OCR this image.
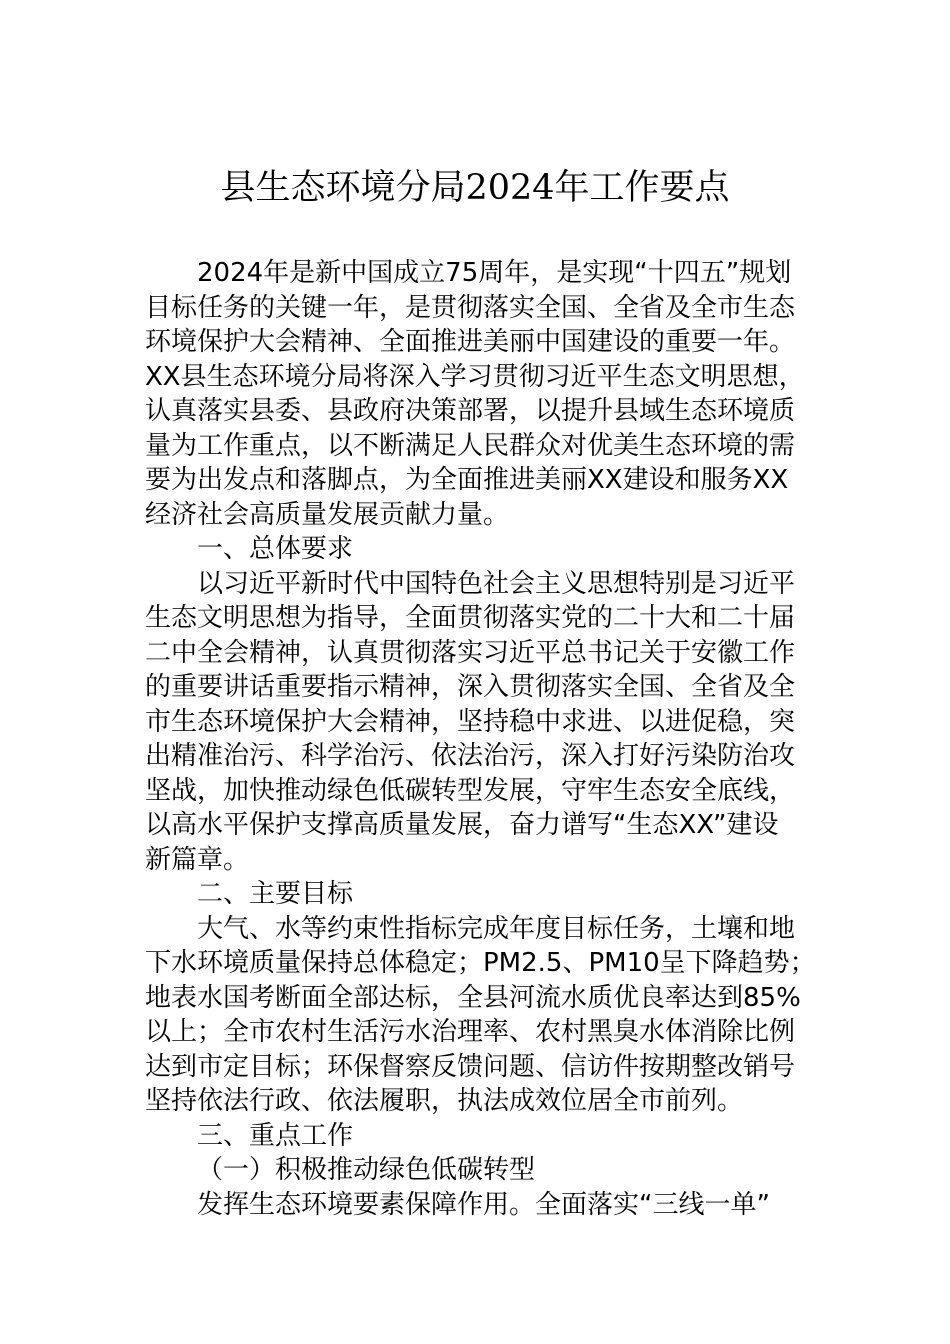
县生态环境分局2024年工作要点
2024年是新中国成立75周年，是实现“十四五”规划
目标任务的关键一年，是贯彻落实全国、全省及全市生态
环境保护大会精神、全面推进美丽中国建设的重要一年。
XX县生态环境分局将深入学习贯彻习近平生态文明思想，
认真落实县委、县政府决策部署，以提升县域生态环境质
量为工作重点，以不断满足人民群众对优美生态环境的需
要为出发点和落脚点，为全面推进美丽XX建设和服务XX
经济社会高质量发展贡献力量。
一、总体要求
以习近平新时代中国特色社会主义思想特别是习近平
生态文明思想为指导，全面贯彻落实党的二十大和二十届
二中全会精神，认真贯彻落实习近平总书记关于安徽工作
的重要讲话重要指示精神，深入贯彻落实全国、全省及全
市生态环境保护大会精神，坚持稳中求进、以进促稳，突
出精准治污、科学治污、依法治污，深入打好污染防治攻
坚战，加快推动绿色低碳转型发展，守牢生态安全底线，
以高水平保护支撑高质量发展，奋力谱写“生态XX”建设
新篇章。
二、主要目标
大气、水等约束性指标完成年度目标任务，土壤和地
下水环境质量保持总体稳定；PM2.5、PM10呈下降趋势；
地表水国考断面全部达标，全县河流水质优良率达到85%
以上；全市农村生活污水治理率、农村黑臭水体消除比例
达到市定目标；环保督察反馈问题、信访件按期整改销号
坚持依法行政、依法履职，执法成效位居全市前列。
三、重点工作
（一）积极推动绿色低碳转型
发挥生态环境要素保障作用。全面落实“三线一单”
